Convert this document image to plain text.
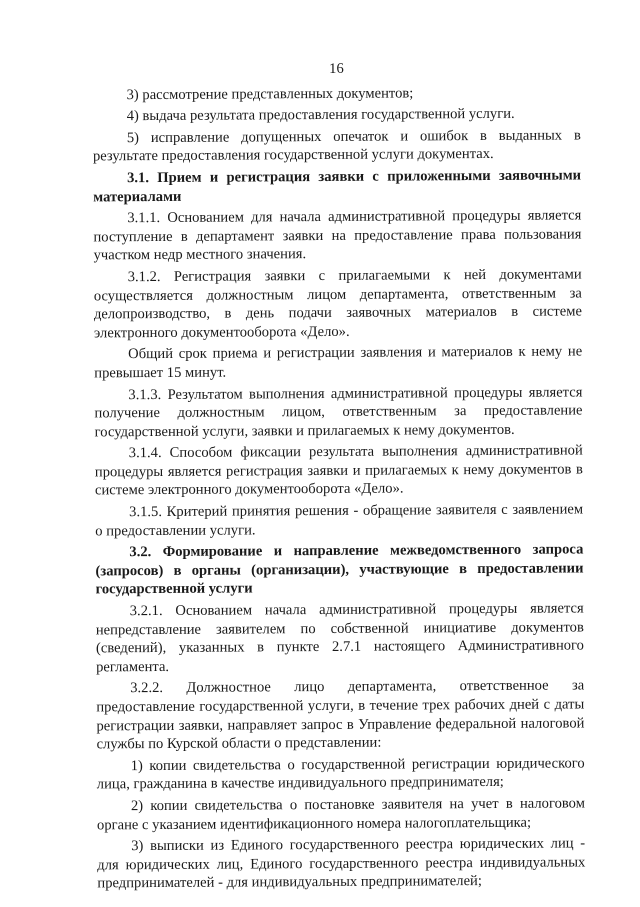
16

3) рассмотрение представленных документов;

4) выдача результата предоставления государственной услуги.

5) исправление допущенных опечаток и ошибок в выданных в результате предоставления государственной услуги документах.

3.1. Прием и регистрация заявки с приложенными заявочными материалами

3.1.1. Основанием для начала административной процедуры является поступление в департамент заявки на предоставление права пользования участком недр местного значения.

3.1.2. Регистрация заявки с прилагаемыми к ней документами осуществляется должностным лицом департамента, ответственным за делопроизводство, в день подачи заявочных материалов в системе электронного документооборота «Дело».

Общий срок приема и регистрации заявления и материалов к нему не превышает 15 минут.

3.1.3. Результатом выполнения административной процедуры является получение должностным лицом, ответственным за предоставление государственной услуги, заявки и прилагаемых к нему документов.

3.1.4. Способом фиксации результата выполнения административной процедуры является регистрация заявки и прилагаемых к нему документов в системе электронного документооборота «Дело».

3.1.5. Критерий принятия решения - обращение заявителя с заявлением о предоставлении услуги.

3.2. Формирование и направление межведомственного запроса (запросов) в органы (организации), участвующие в предоставлении государственной услуги

3.2.1. Основанием начала административной процедуры является непредставление заявителем по собственной инициативе документов (сведений), указанных в пункте 2.7.1 настоящего Административного регламента.

3.2.2. Должностное лицо департамента, ответственное за предоставление государственной услуги, в течение трех рабочих дней с даты регистрации заявки, направляет запрос в Управление федеральной налоговой службы по Курской области о представлении:

1) копии свидетельства о государственной регистрации юридического лица, гражданина в качестве индивидуального предпринимателя;

2) копии свидетельства о постановке заявителя на учет в налоговом органе с указанием идентификационного номера налогоплательщика;

3) выписки из Единого государственного реестра юридических лиц - для юридических лиц, Единого государственного реестра индивидуальных предпринимателей - для индивидуальных предпринимателей;
